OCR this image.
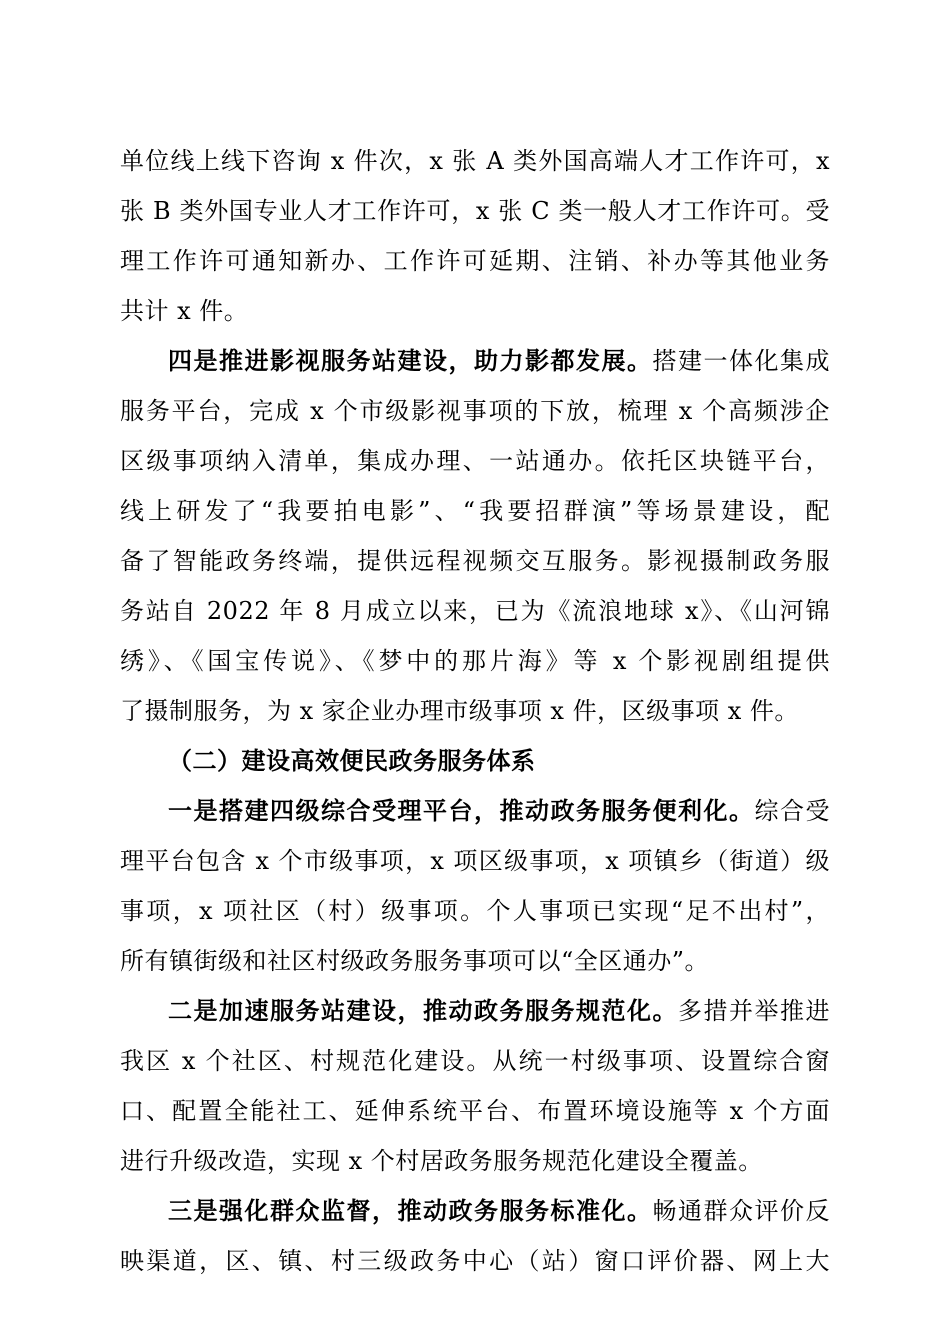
单位线上线下咨询 x 件次，x 张 A 类外国高端人才工作许可，x
张 B 类外国专业人才工作许可，x 张 C 类一般人才工作许可。受
理工作许可通知新办、工作许可延期、注销、补办等其他业务
共计 x 件。
四是推进影视服务站建设，助力影都发展。搭建一体化集成
服务平台，完成 x 个市级影视事项的下放，梳理 x 个高频涉企
区级事项纳入清单，集成办理、一站通办。依托区块链平台，
线上研发了“我要拍电影”、“我要招群演”等场景建设，配
备了智能政务终端，提供远程视频交互服务。影视摄制政务服
务站自 2022 年 8 月成立以来，已为《流浪地球 x》、《山河锦
绣》、《国宝传说》、《梦中的那片海》等 x 个影视剧组提供
了摄制服务，为 x 家企业办理市级事项 x 件，区级事项 x 件。
（二）建设高效便民政务服务体系
一是搭建四级综合受理平台，推动政务服务便利化。综合受
理平台包含 x 个市级事项，x 项区级事项，x 项镇乡（街道）级
事项，x 项社区（村）级事项。个人事项已实现“足不出村”，
所有镇街级和社区村级政务服务事项可以“全区通办”。
二是加速服务站建设，推动政务服务规范化。多措并举推进
我区 x 个社区、村规范化建设。从统一村级事项、设置综合窗
口、配置全能社工、延伸系统平台、布置环境设施等 x 个方面
进行升级改造，实现 x 个村居政务服务规范化建设全覆盖。
三是强化群众监督，推动政务服务标准化。畅通群众评价反
映渠道，区、镇、村三级政务中心（站）窗口评价器、网上大
